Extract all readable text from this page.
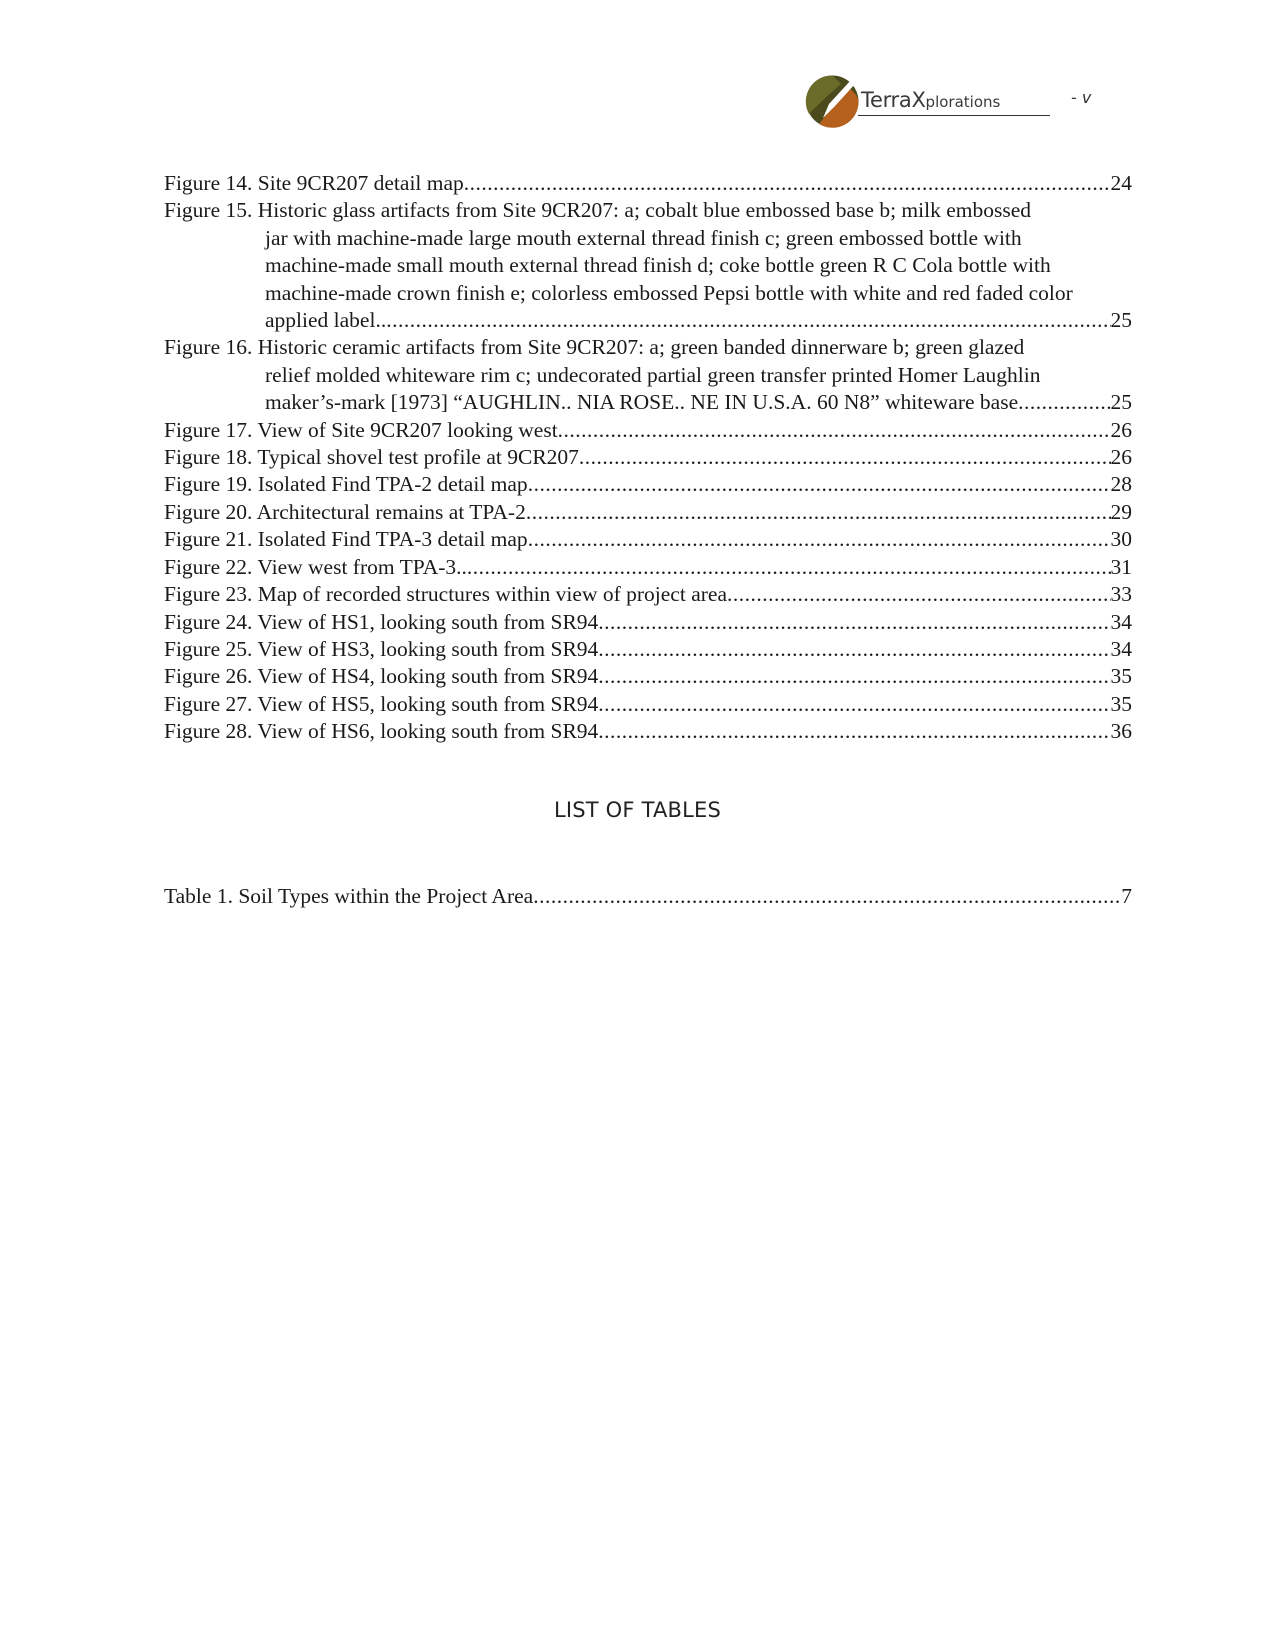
TerraXplorations	- v
Figure 14. Site 9CR207 detail map .....	24
Figure 15. Historic glass artifacts from Site 9CR207: a; cobalt blue embossed base b; milk embossed
jar with machine-made large mouth external thread finish c; green embossed bottle with
machine-made small mouth external thread finish d; coke bottle green R C Cola bottle with
machine-made crown finish e; colorless embossed Pepsi bottle with white and red faded color
applied label.. .....	25
Figure 16. Historic ceramic artifacts from Site 9CR207: a; green banded dinnerware b; green glazed
relief molded whiteware rim c; undecorated partial green transfer printed Homer Laughlin
maker’s-mark [1973] “AUGHLIN.. NIA ROSE.. NE IN U.S.A. 60 N8” whiteware base .....	25
Figure 17. View of Site 9CR207 looking west .....	26
Figure 18. Typical shovel test profile at 9CR207 .....	26
Figure 19. Isolated Find TPA-2 detail map .....	28
Figure 20. Architectural remains at TPA-2 .....	29
Figure 21. Isolated Find TPA-3 detail map .....	30
Figure 22. View west from TPA-3.. .....	31
Figure 23. Map of recorded structures within view of project area .....	33
Figure 24. View of HS1, looking south from SR94 .....	34
Figure 25. View of HS3, looking south from SR94 .....	34
Figure 26. View of HS4, looking south from SR94 .....	35
Figure 27. View of HS5, looking south from SR94 .....	35
Figure 28. View of HS6, looking south from SR94 .....	36
LIST OF TABLES
Table 1. Soil Types within the Project Area .....	7
